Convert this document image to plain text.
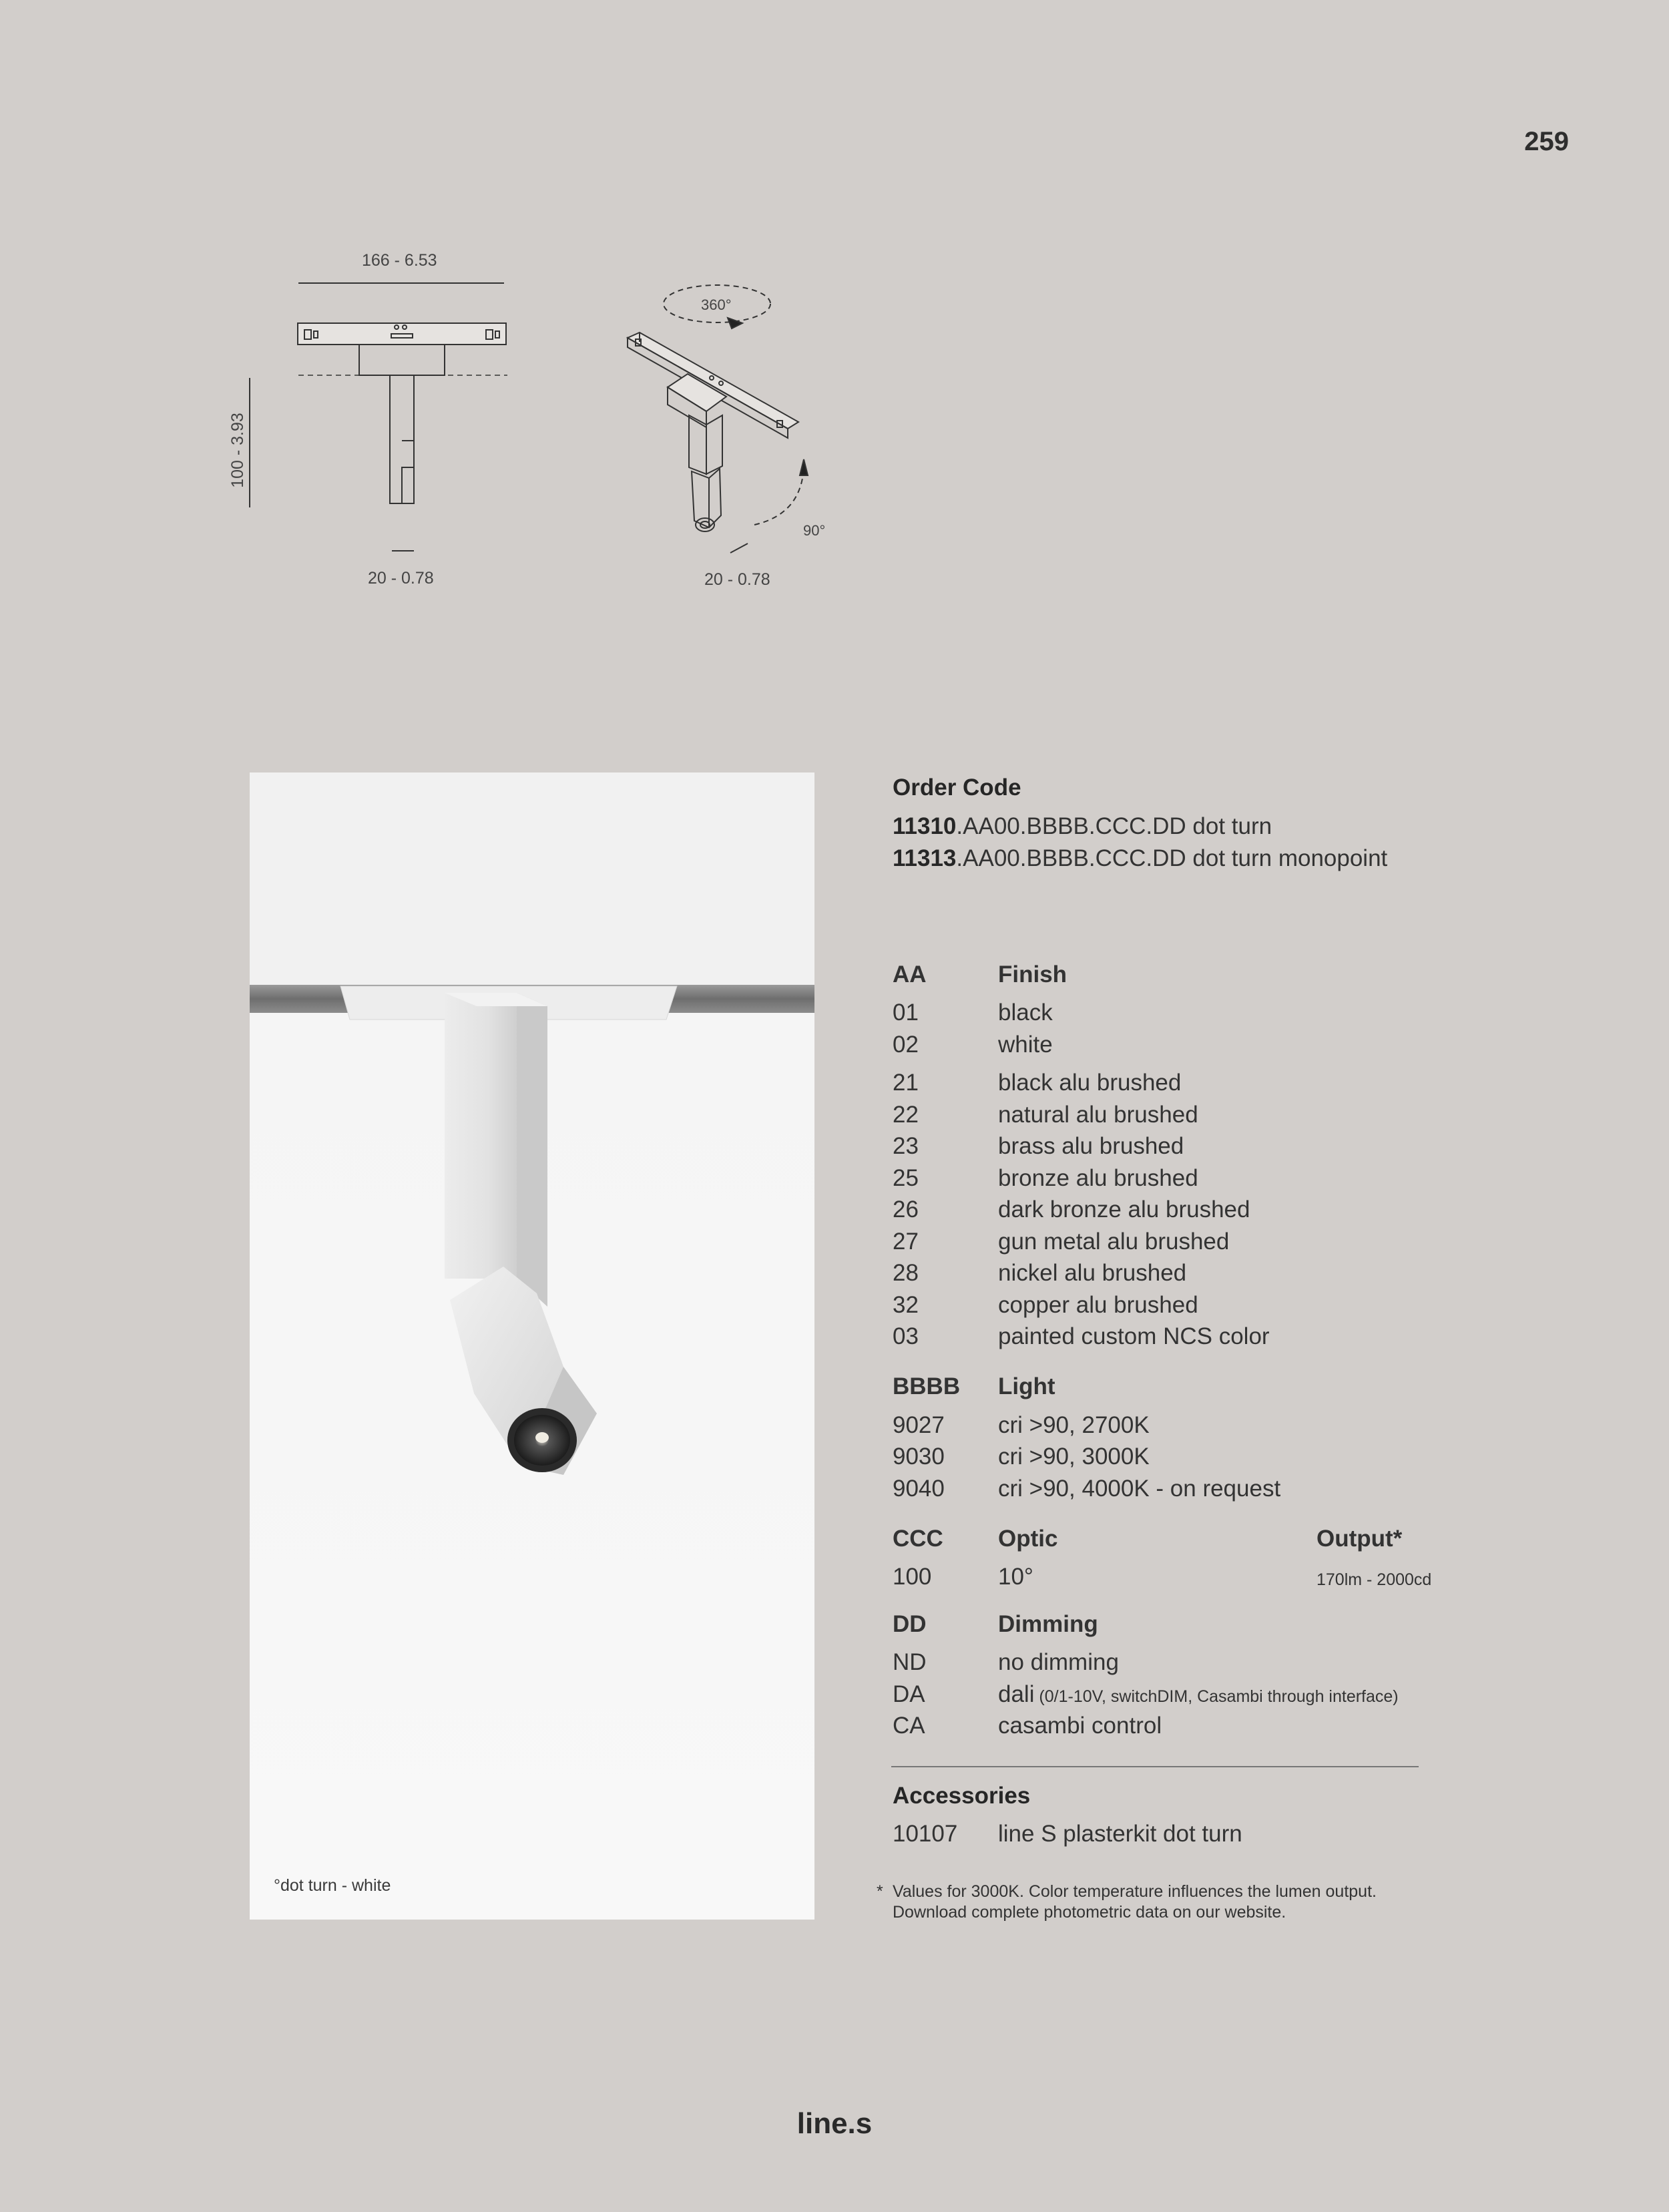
259
166 - 6.53
100 - 3.93
20 - 0.78
360°
90°
20 - 0.78
°dot turn - white
Order Code
11310.AA00.BBBB.CCC.DD dot turn
11313.AA00.BBBB.CCC.DD dot turn monopoint
AA	Finish
01	black
02	white
21	black alu brushed
22	natural alu brushed
23	brass alu brushed
25	bronze alu brushed
26	dark bronze alu brushed
27	gun metal alu brushed
28	nickel alu brushed
32	copper alu brushed
03	painted custom NCS color
BBBB Light
9027 cri >90, 2700K
9030 cri >90, 3000K
9040 cri >90, 4000K - on request
CCC Optic	Output*
100	10°	170lm - 2000cd
DD	Dimming
ND	no dimming
DA	dali (0/1-10V, switchDIM, Casambi through interface)
CA	casambi control
Accessories
10107 line S plasterkit dot turn
* Values for 3000K. Color temperature influences the lumen output.
Download complete photometric data on our website.
line.s
